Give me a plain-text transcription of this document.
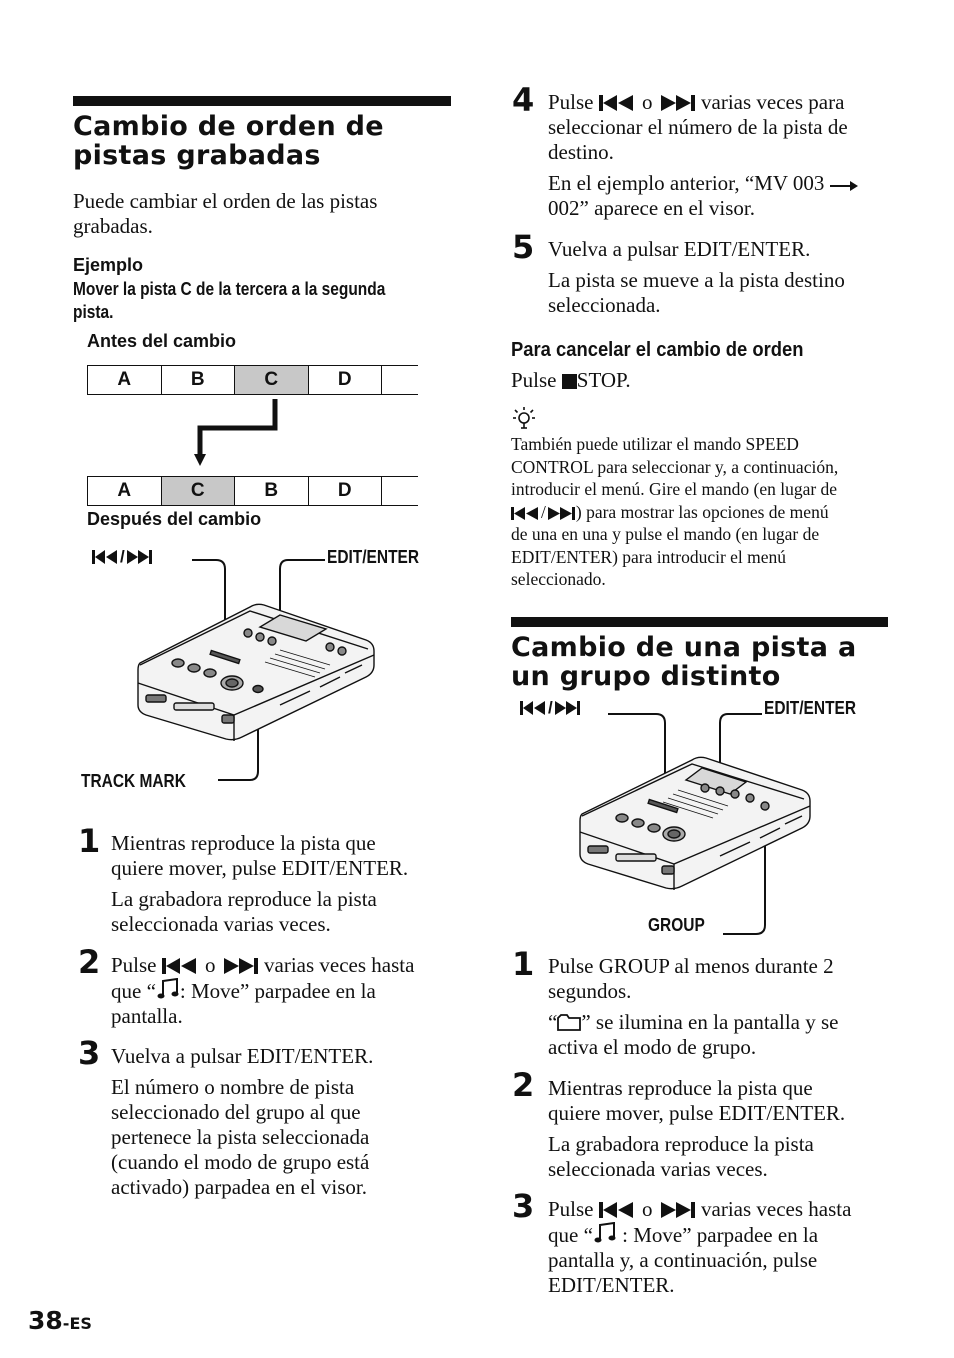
Cambio de orden de
pistas grabadas
Puede cambiar el orden de las pistas
grabadas.
Ejemplo
Mover la pista C de la tercera a la segunda
pista.
Antes del cambio
A	B	C	D
A	C	B	D
Después del cambio
/	EDIT/ENTER
TRACK MARK
1 Mientras reproduce la pista que
quiere mover, pulse EDIT/ENTER.
La grabadora reproduce la pista
seleccionada varias veces.
2 Pulse o varias veces hasta
que “ : Move” parpadee en la
pantalla.
3 Vuelva a pulsar EDIT/ENTER.
El número o nombre de pista
seleccionado del grupo al que
pertenece la pista seleccionada
(cuando el modo de grupo está
activado) parpadea en el visor.
4 Pulse o varias veces para
seleccionar el número de la pista de
destino.
En el ejemplo anterior, “MV 003
002” aparece en el visor.
5 Vuelva a pulsar EDIT/ENTER.
La pista se mueve a la pista destino
seleccionada.
Para cancelar el cambio de orden
Pulse STOP.
También puede utilizar el mando SPEED
CONTROL para seleccionar y, a continuación,
introducir el menú. Gire el mando (en lugar de
/ ) para mostrar las opciones de menú
de una en una y pulse el mando (en lugar de
EDIT/ENTER) para introducir el menú
seleccionado.
Cambio de una pista a
un grupo distinto
/	EDIT/ENTER
GROUP
1 Pulse GROUP al menos durante 2
segundos.
“ ” se ilumina en la pantalla y se
activa el modo de grupo.
2 Mientras reproduce la pista que
quiere mover, pulse EDIT/ENTER.
La grabadora reproduce la pista
seleccionada varias veces.
3 Pulse o varias veces hasta
que “ : Move” parpadee en la
pantalla y, a continuación, pulse
EDIT/ENTER.
38-ES
